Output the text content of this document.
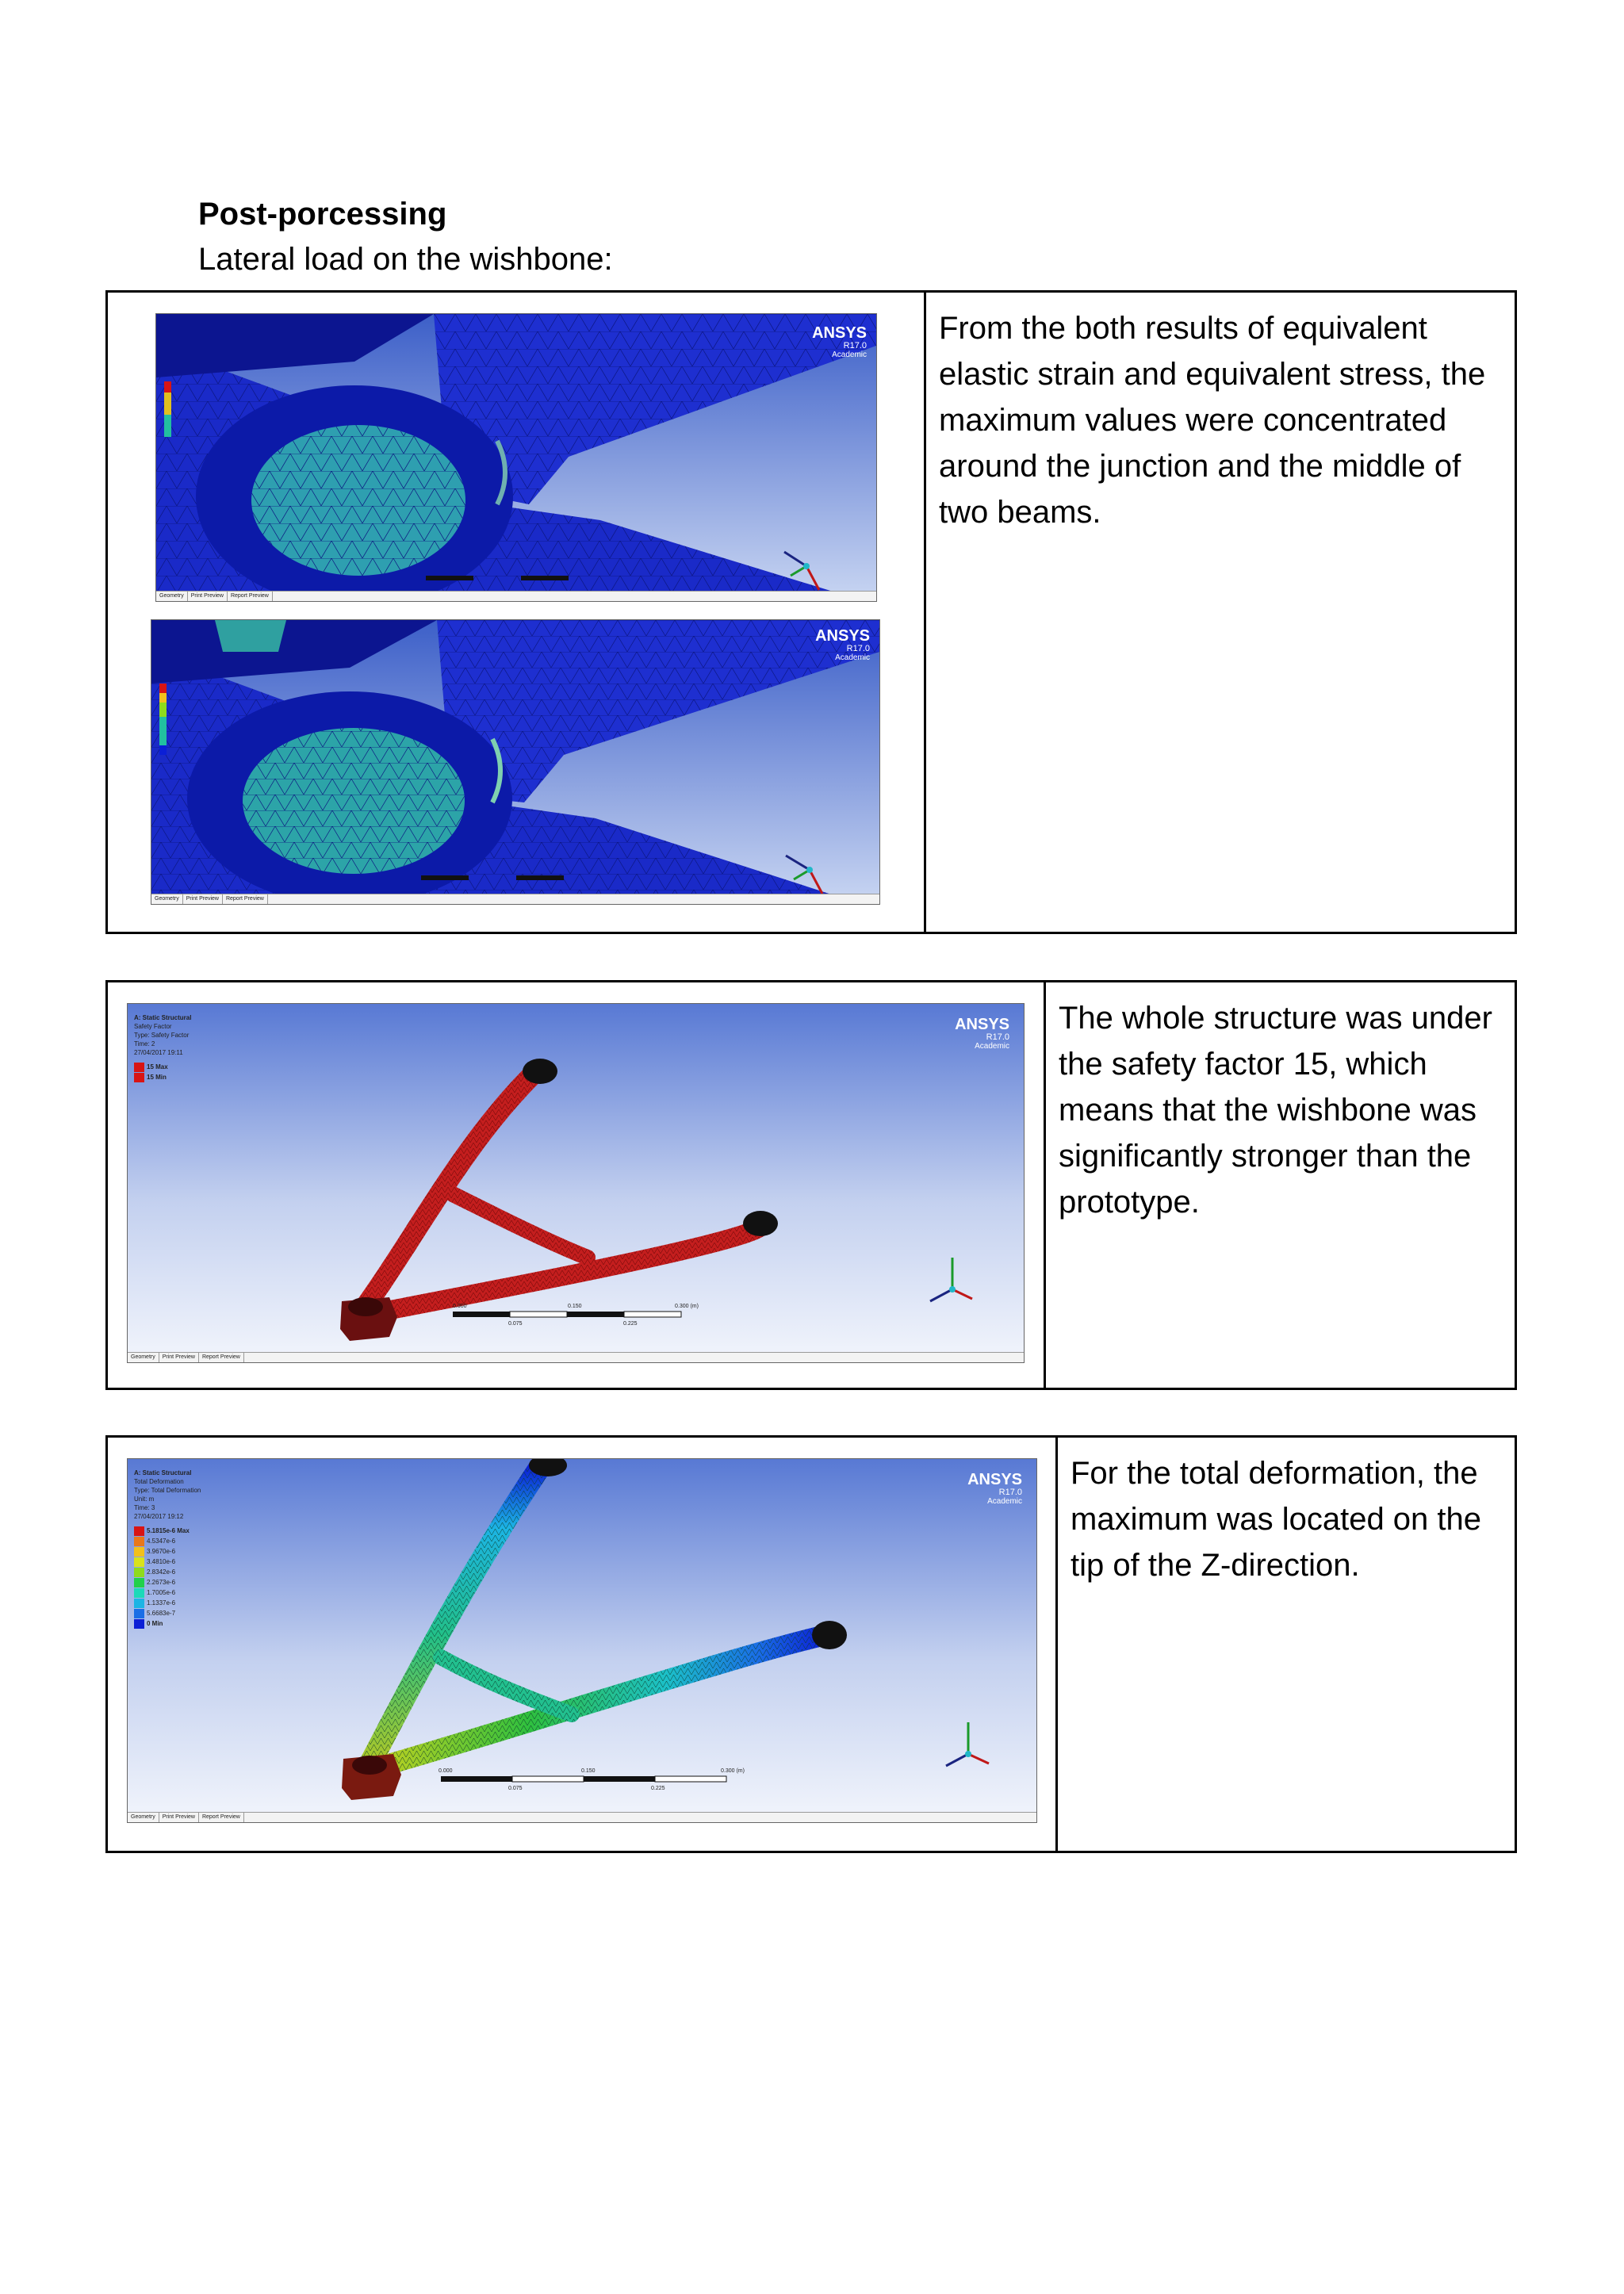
Post-porcessing
Lateral load on the wishbone:
ANSYS
R17.0
Academic
Geometry Print Preview Report Preview
ANSYS
R17.0
Academic
Geometry Print Preview Report Preview
From the both results of equivalent elastic strain and equivalent stress, the maximum values were concentrated around the junction and the middle of two beams.
A: Static Structural
Safety Factor
Type: Safety Factor
Time: 2
27/04/2017 19:11
15 Max
15 Min
ANSYS
R17.0
Academic
0.000	0.150	0.300 (m)
0.075	0.225
Geometry Print Preview Report Preview
The whole structure was under the safety factor 15, which means that the wishbone was significantly stronger than the prototype.
A: Static Structural
Total Deformation
Type: Total Deformation
Unit: m
Time: 3
27/04/2017 19:12
5.1815e-6 Max
4.5347e-6
3.9670e-6
3.4810e-6
2.8342e-6
2.2673e-6
1.7005e-6
1.1337e-6
5.6683e-7
0 Min
ANSYS
R17.0
Academic
0.000	0.150	0.300 (m)
0.075	0.225
Geometry Print Preview Report Preview
For the total deformation, the maximum was located on the tip of the Z-direction.
